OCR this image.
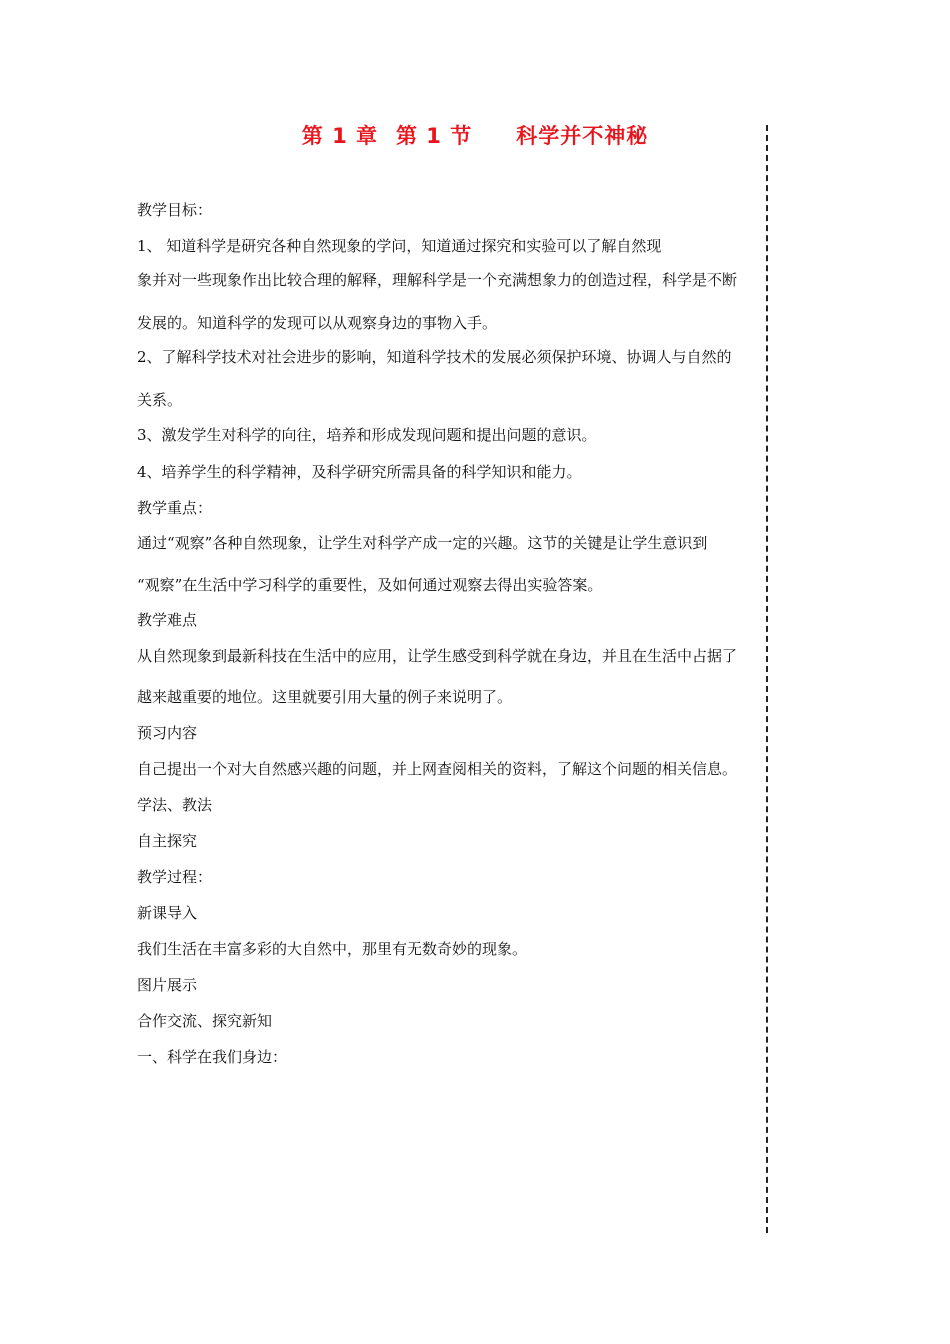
第 1 章 第 1 节 科学并不神秘
教学目标：
1、 知道科学是研究各种自然现象的学问，知道通过探究和实验可以了解自然现
象并对一些现象作出比较合理的解释，理解科学是一个充满想象力的创造过程，科学是不断
发展的。知道科学的发现可以从观察身边的事物入手。
2、了解科学技术对社会进步的影响，知道科学技术的发展必须保护环境、协调人与自然的
关系。
3、激发学生对科学的向往，培养和形成发现问题和提出问题的意识。
4、培养学生的科学精神，及科学研究所需具备的科学知识和能力。
教学重点：
通过“观察”各种自然现象，让学生对科学产成一定的兴趣。这节的关键是让学生意识到
“观察”在生活中学习科学的重要性，及如何通过观察去得出实验答案。
教学难点
从自然现象到最新科技在生活中的应用，让学生感受到科学就在身边，并且在生活中占据了
越来越重要的地位。这里就要引用大量的例子来说明了。
预习内容
自己提出一个对大自然感兴趣的问题，并上网查阅相关的资料，了解这个问题的相关信息。
学法、教法
自主探究
教学过程：
新课导入
我们生活在丰富多彩的大自然中，那里有无数奇妙的现象。
图片展示
合作交流、探究新知
一、科学在我们身边：
